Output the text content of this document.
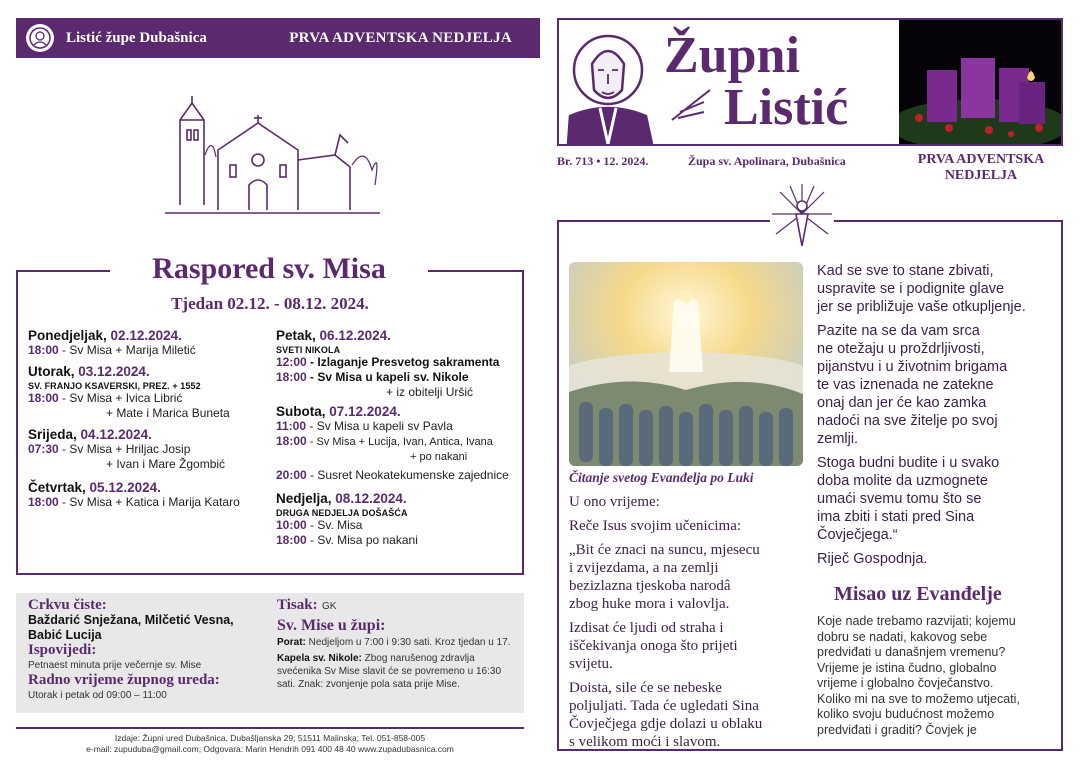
Listić župe Dubašnica	PRVA ADVENTSKA NEDJELJA
Raspored sv. Misa
Tjedan 02.12. - 08.12. 2024.
Ponedjeljak, 02.12.2024.
18:00 - Sv Misa + Marija Miletić
Utorak, 03.12.2024.
SV. FRANJO KSAVERSKI, PREZ. + 1552
18:00 - Sv Misa + Ivica Librić
+ Mate i Marica Buneta
Srijeda, 04.12.2024.
07:30 - Sv Misa + Hriljac Josip
+ Ivan i Mare Žgombić
Četvrtak, 05.12.2024.
18:00 - Sv Misa + Katica i Marija Kataro
Petak, 06.12.2024.
SVETI NIKOLA
12:00 - Izlaganje Presvetog sakramenta
18:00 - Sv Misa u kapeli sv. Nikole
+ iz obitelji Uršić
Subota, 07.12.2024.
11:00 - Sv Misa u kapeli sv Pavla
18:00 - Sv Misa + Lucija, Ivan, Antica, Ivana
+ po nakani
20:00 - Susret Neokatekumenske zajednice
Nedjelja, 08.12.2024.
DRUGA NEDJELJA DOŠAŠĆA
10:00 - Sv. Misa
18:00 - Sv. Misa po nakani
Crkvu čiste:
Baždarić Snježana, Milčetić Vesna,
Babić Lucija
Ispovijedi:
Petnaest minuta prije večernje sv. Mise
Radno vrijeme župnog ureda:
Utorak i petak od 09:00 – 11:00
Tisak: GK
Sv. Mise u župi:
Porat: Nedjeljom u 7:00 i 9:30 sati. Kroz tjedan u 17.
Kapela sv. Nikole: Zbog narušenog zdravlja
svećenika Sv Mise slavit će se povremeno u 16:30
sati. Znak: zvonjenje pola sata prije Mise.
Izdaje: Župni ured Dubašnica, Dubašljanska 29; 51511 Malinska; Tel. 051-858-005
e-mail: zupuduba@gmail.com; Odgovara: Marin Hendrih 091 400 48 40 www.zupadubasnica.com
Župni
Listić
Br. 713 • 12. 2024.	Župa sv. Apolinara, Dubašnica	PRVA ADVENTSKA
NEDJELJA
Čitanje svetog Evanđelja po Luki
U ono vrijeme:
Reče Isus svojim učenicima:
„Bit će znaci na suncu, mjesecu
i zvijezdama, a na zemlji
bezizlazna tjeskoba narodâ
zbog huke mora i valovlja.
Izdisat će ljudi od straha i
iščekivanja onoga što prijeti
svijetu.
Doista, sile će se nebeske
poljuljati. Tada će ugledati Sina
Čovječjega gdje dolazi u oblaku
s velikom moći i slavom.
Kad se sve to stane zbivati,
uspravite se i podignite glave
jer se približuje vaše otkupljenje.
Pazite na se da vam srca
ne otežaju u proždrljivosti,
pijanstvu i u životnim brigama
te vas iznenada ne zatekne
onaj dan jer će kao zamka
nadoći na sve žitelje po svoj
zemlji.
Stoga budni budite i u svako
doba molite da uzmognete
umaći svemu tomu što se
ima zbiti i stati pred Sina
Čovječjega.“
Riječ Gospodnja.
Misao uz Evanđelje
Koje nade trebamo razvijati; kojemu
dobru se nadati, kakovog sebe
predviđati u današnjem vremenu?
Vrijeme je istina čudno, globalno
vrijeme i globalno čovječanstvo.
Koliko mi na sve to možemo utjecati,
koliko svoju budućnost možemo
predviđati i graditi? Čovjek je
